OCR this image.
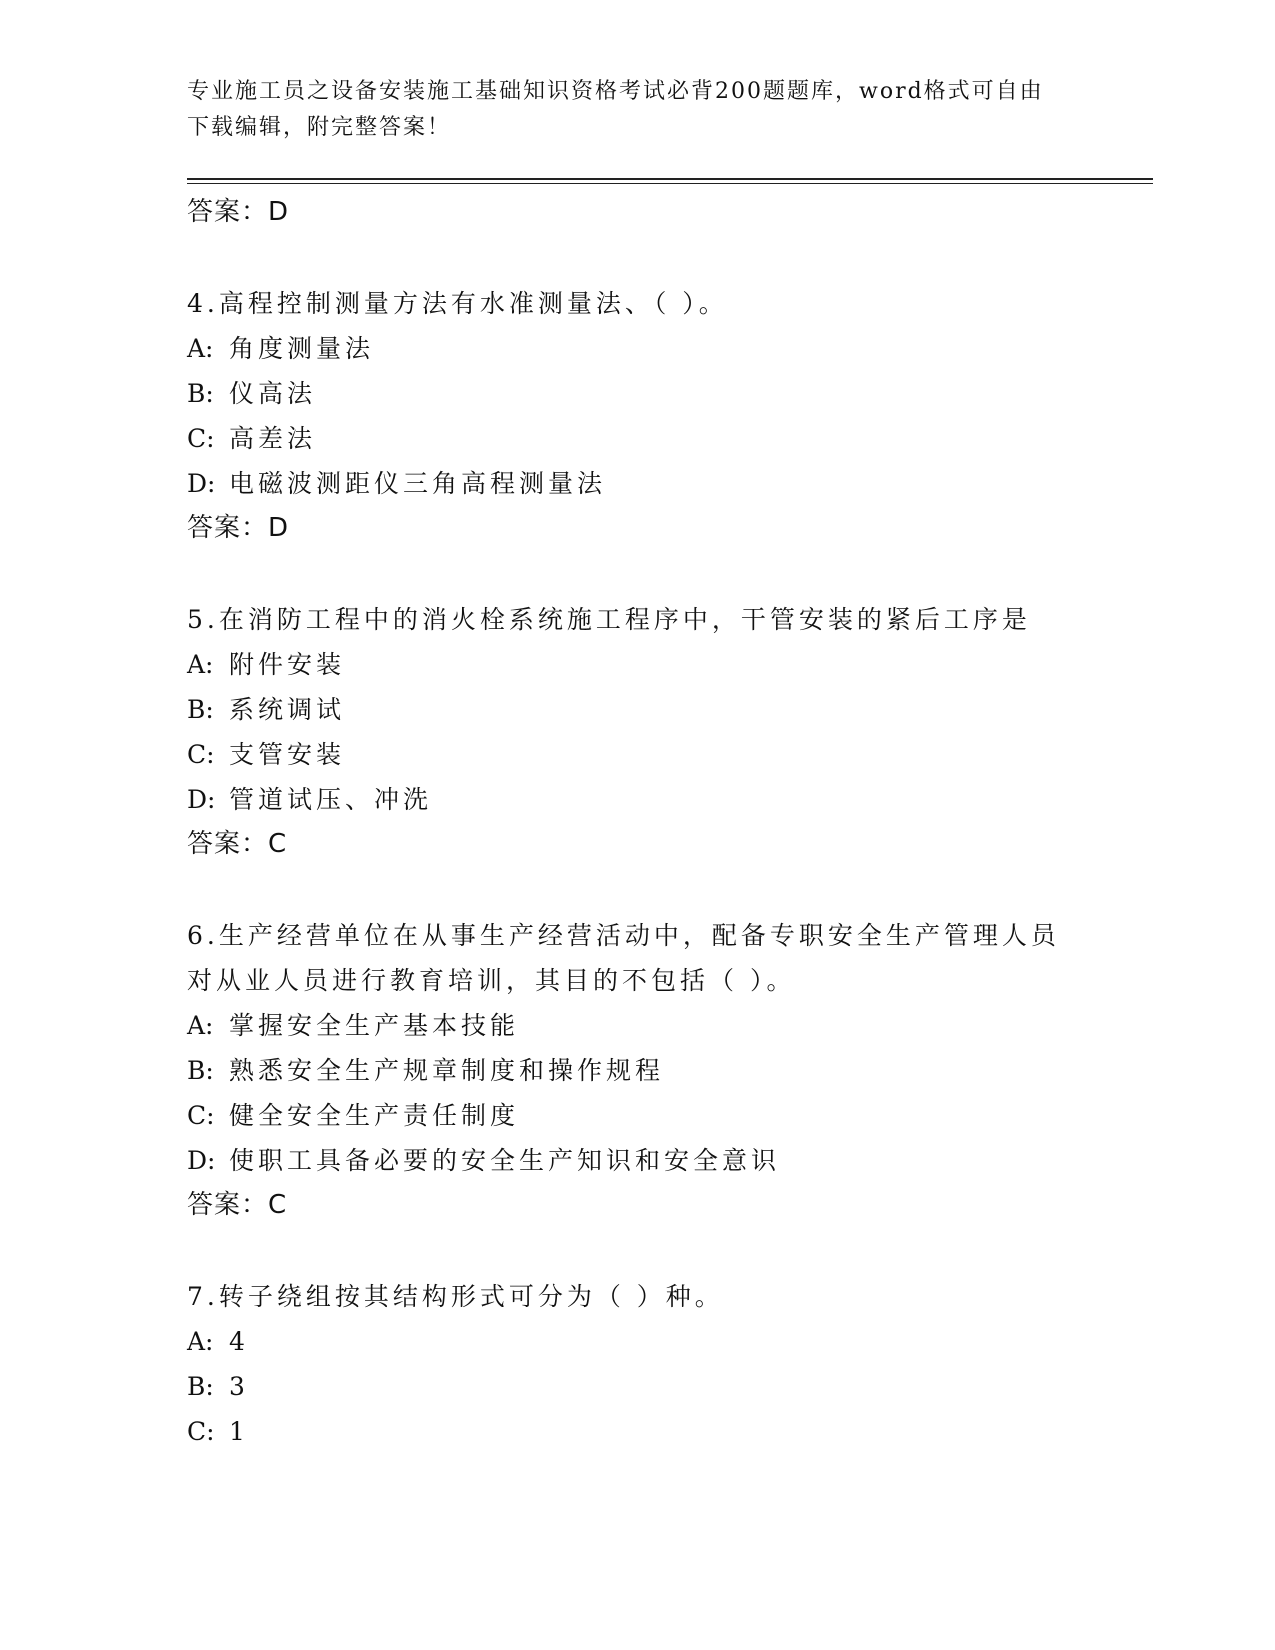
专业施工员之设备安装施工基础知识资格考试必背200题题库，word格式可自由
下载编辑，附完整答案！
答案：D
4.高程控制测量方法有水准测量法、（ ）。
A: 角度测量法
B: 仪高法
C: 高差法
D: 电磁波测距仪三角高程测量法
答案：D
5.在消防工程中的消火栓系统施工程序中，干管安装的紧后工序是
A: 附件安装
B: 系统调试
C: 支管安装
D: 管道试压、冲洗
答案：C
6.生产经营单位在从事生产经营活动中，配备专职安全生产管理人员
对从业人员进行教育培训，其目的不包括（ ）。
A: 掌握安全生产基本技能
B: 熟悉安全生产规章制度和操作规程
C: 健全安全生产责任制度
D: 使职工具备必要的安全生产知识和安全意识
答案：C
7.转子绕组按其结构形式可分为（ ）种。
A: 4
B: 3
C: 1
